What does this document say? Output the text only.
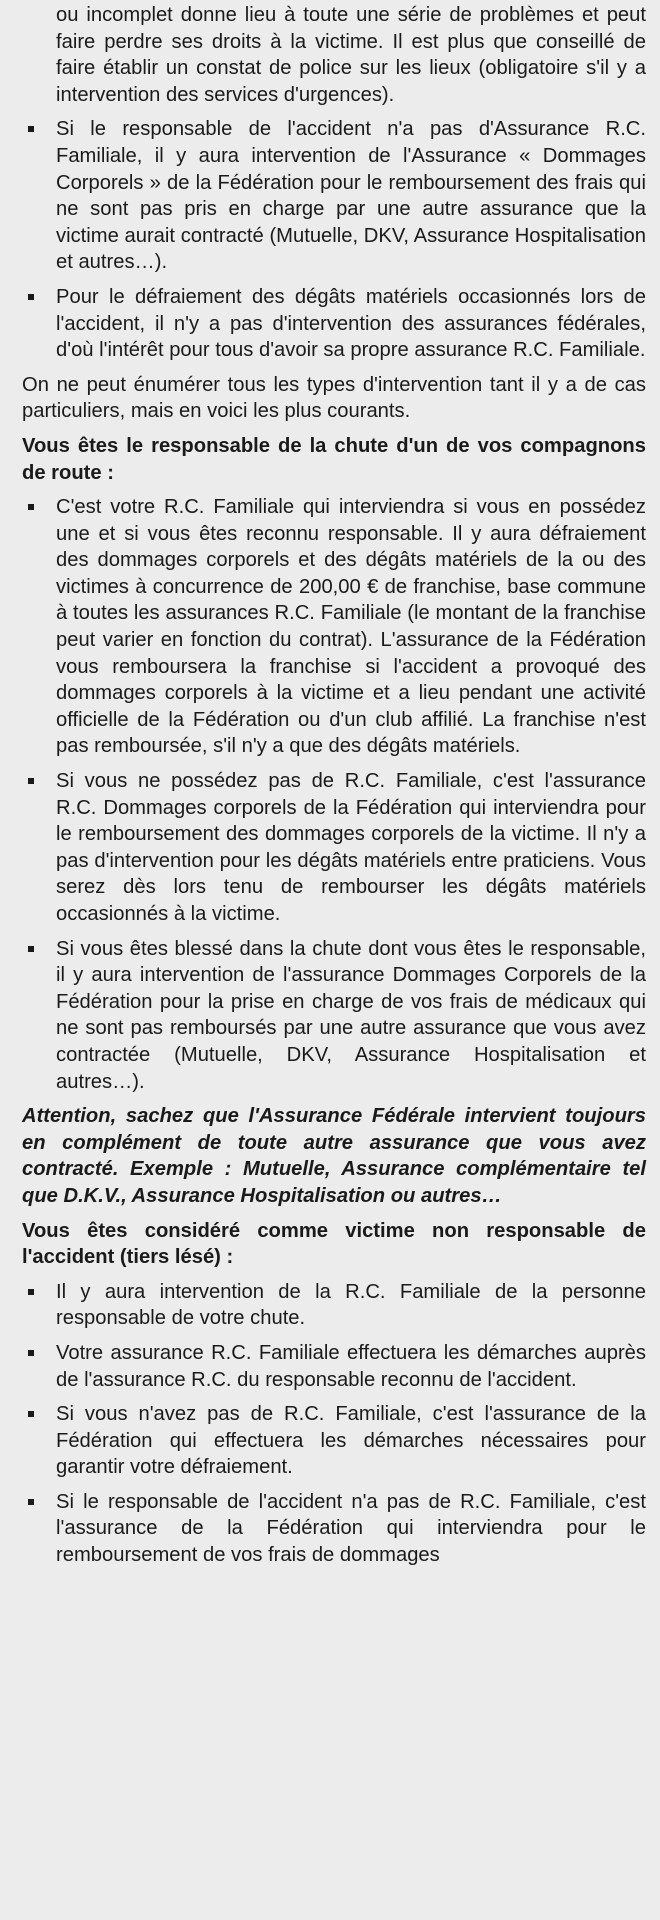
ou incomplet donne lieu à toute une série de problèmes et peut faire perdre ses droits à la victime. Il est plus que conseillé de faire établir un constat de police sur les lieux (obligatoire s'il y a intervention des services d'urgences).

Si le responsable de l'accident n'a pas d'Assurance R.C. Familiale, il y aura intervention de l'Assurance « Dommages Corporels » de la Fédération pour le remboursement des frais qui ne sont pas pris en charge par une autre assurance que la victime aurait contracté (Mutuelle, DKV, Assurance Hospitalisation et autres…).
Pour le défraiement des dégâts matériels occasionnés lors de l'accident, il n'y a pas d'intervention des assurances fédérales, d'où l'intérêt pour tous d'avoir sa propre assurance R.C. Familiale.

On ne peut énumérer tous les types d'intervention tant il y a de cas particuliers, mais en voici les plus courants.

Vous êtes le responsable de la chute d'un de vos compagnons de route :

C'est votre R.C. Familiale qui interviendra si vous en possédez une et si vous êtes reconnu responsable. Il y aura défraiement des dommages corporels et des dégâts matériels de la ou des victimes à concurrence de 200,00 € de franchise, base commune à toutes les assurances R.C. Familiale (le montant de la franchise peut varier en fonction du contrat). L'assurance de la Fédération vous remboursera la franchise si l'accident a provoqué des dommages corporels à la victime et a lieu pendant une activité officielle de la Fédération ou d'un club affilié. La franchise n'est pas remboursée, s'il n'y a que des dégâts matériels.
Si vous ne possédez pas de R.C. Familiale, c'est l'assurance R.C. Dommages corporels de la Fédération qui interviendra pour le remboursement des dommages corporels de la victime. Il n'y a pas d'intervention pour les dégâts matériels entre praticiens. Vous serez dès lors tenu de rembourser les dégâts matériels occasionnés à la victime.
Si vous êtes blessé dans la chute dont vous êtes le responsable, il y aura intervention de l'assurance Dommages Corporels de la Fédération pour la prise en charge de vos frais de médicaux qui ne sont pas remboursés par une autre assurance que vous avez contractée (Mutuelle, DKV, Assurance Hospitalisation et autres…).

Attention, sachez que l'Assurance Fédérale intervient toujours en complément de toute autre assurance que vous avez contracté. Exemple : Mutuelle, Assurance complémentaire tel que D.K.V., Assurance Hospitalisation ou autres…

Vous êtes considéré comme victime non responsable de l'accident (tiers lésé) :

Il y aura intervention de la R.C. Familiale de la personne responsable de votre chute.
Votre assurance R.C. Familiale effectuera les démarches auprès de l'assurance R.C. du responsable reconnu de l'accident.
Si vous n'avez pas de R.C. Familiale, c'est l'assurance de la Fédération qui effectuera les démarches nécessaires pour garantir votre défraiement.
Si le responsable de l'accident n'a pas de R.C. Familiale, c'est l'assurance de la Fédération qui interviendra pour le remboursement de vos frais de dommages
